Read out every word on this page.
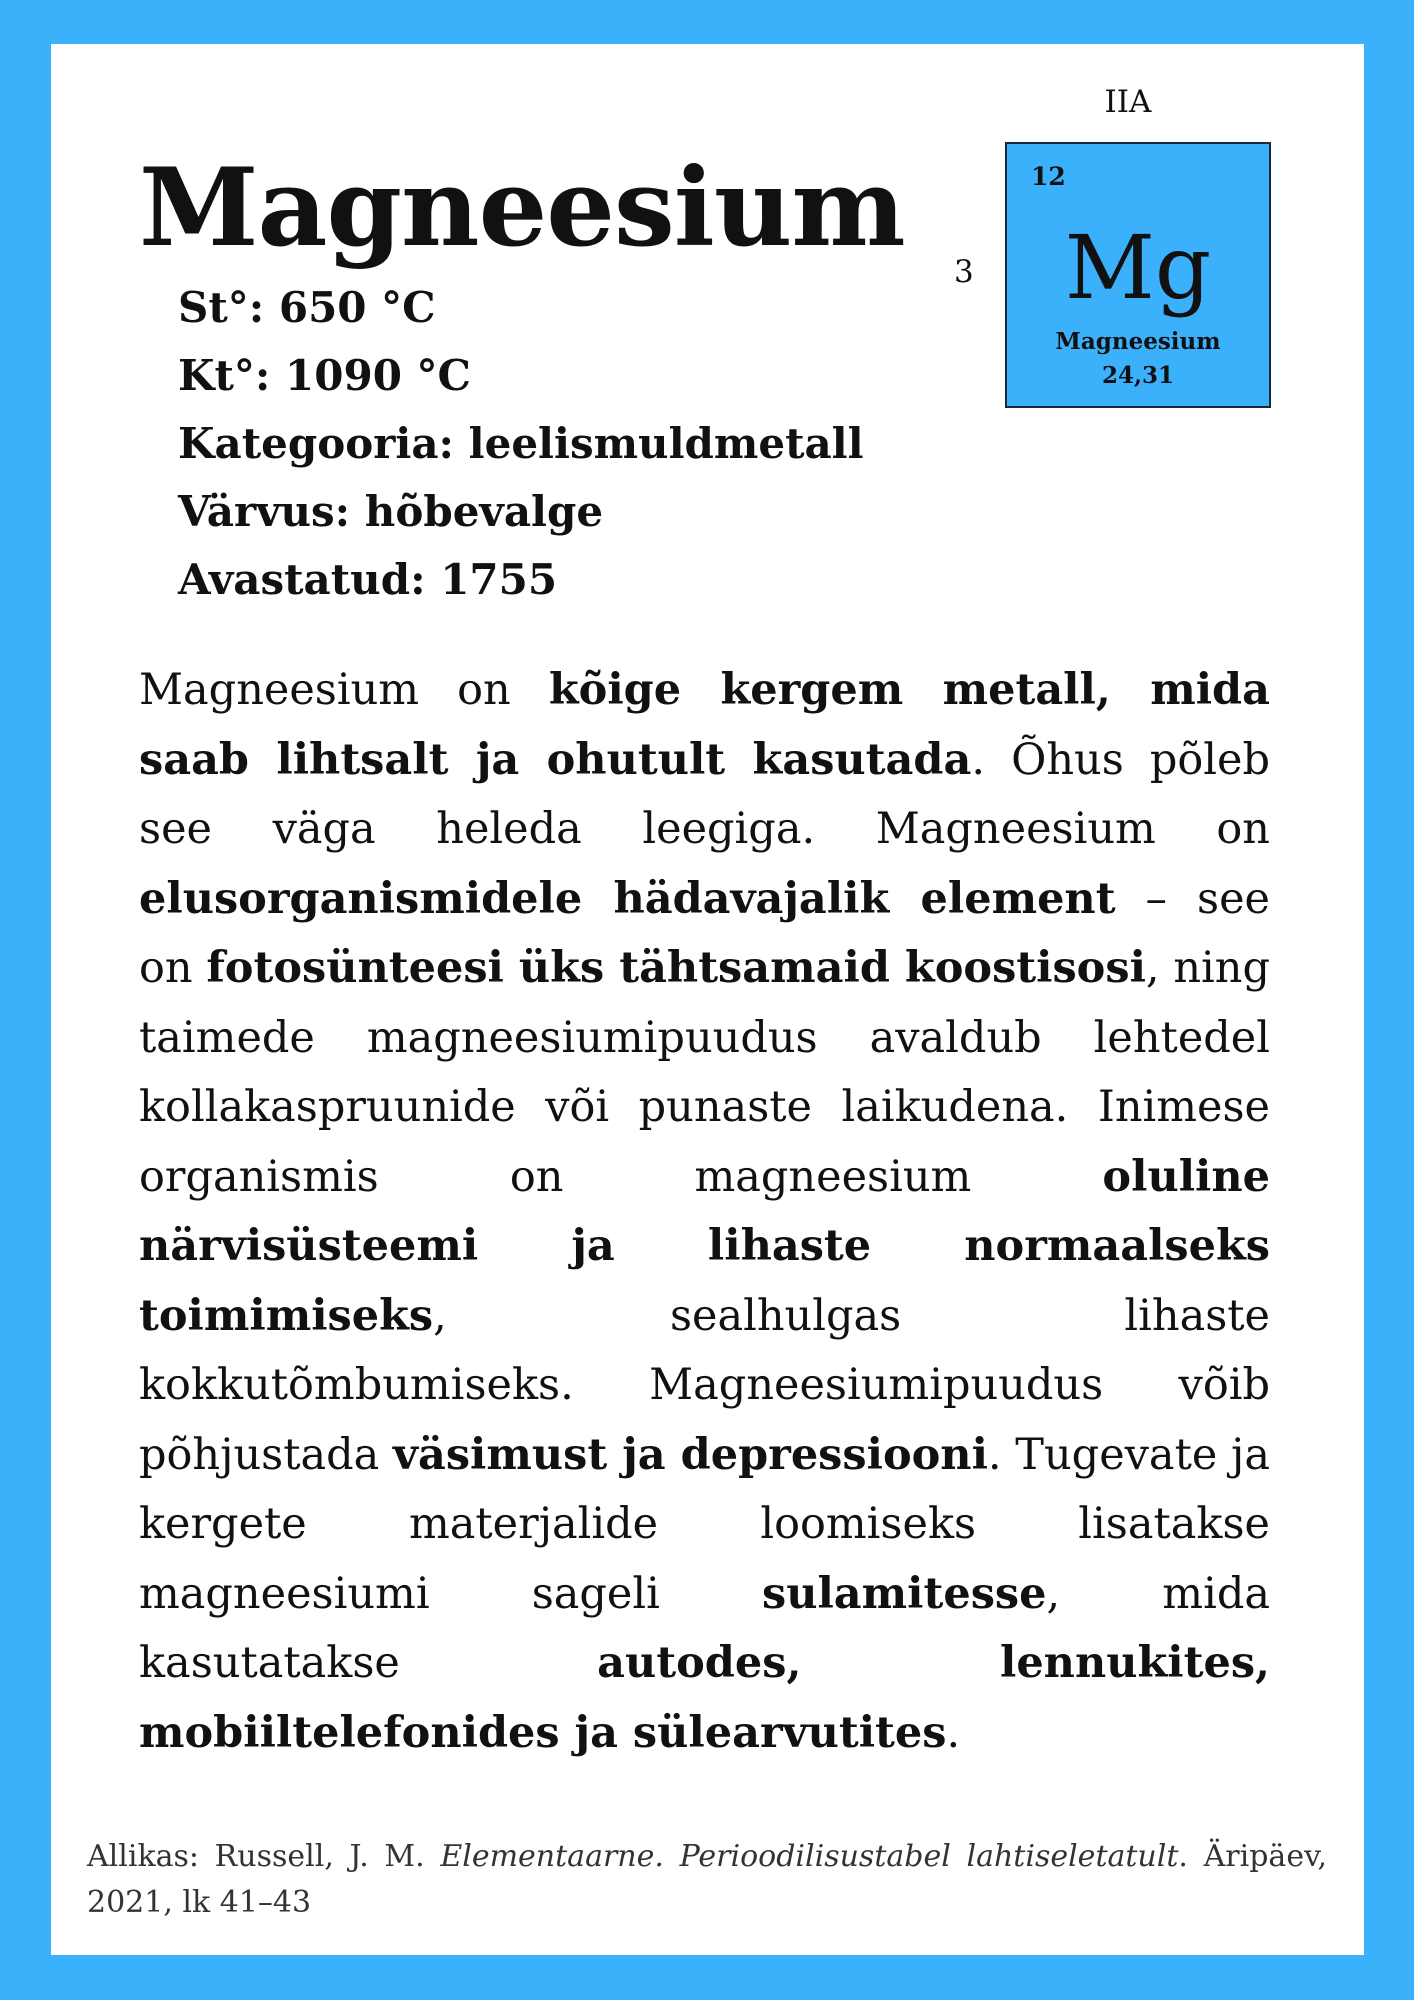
Magneesium
St°: 650 °C
Kt°: 1090 °C
Kategooria: leelismuldmetall
Värvus: hõbevalge
Avastatud: 1755
IIA
3
12
Mg
Magneesium
24,31

Magneesium on kõige kergem metall, mida saab lihtsalt ja ohutult kasutada. Õhus põleb see väga heleda leegiga. Magneesium on elusorganismidele hädavajalik element – see on fotosünteesi üks tähtsamaid koostisosi, ning taimede magneesiumipuudus avaldub lehtedel kollakaspruunide või punaste laikudena. Inimese organismis on magneesium oluline närvisüsteemi ja lihaste normaalseks toimimiseks, sealhulgas lihaste kokkutõmbumiseks. Magneesiumipuudus võib põhjustada väsimust ja depressiooni. Tugevate ja kergete materjalide loomiseks lisatakse magneesiumi sageli sulamitesse, mida kasutatakse autodes, lennukites, mobiiltelefonides ja sülearvutites.

Allikas: Russell, J. M. Elementaarne. Perioodilisustabel lahtiseletatult. Äripäev, 2021, lk 41–43
